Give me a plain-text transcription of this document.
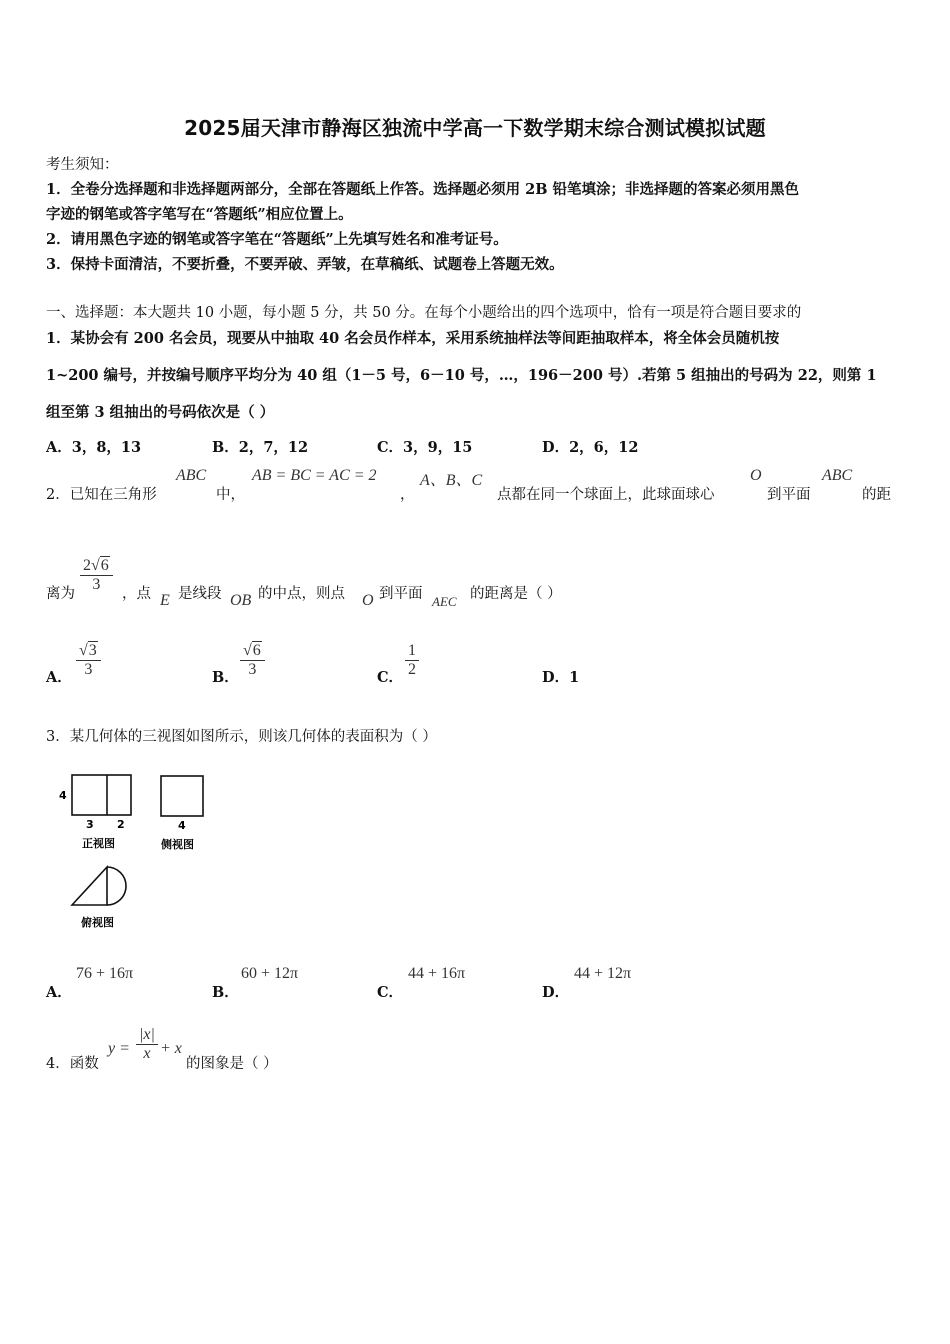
2025届天津市静海区独流中学高一下数学期末综合测试模拟试题
考生须知：
1．全卷分选择题和非选择题两部分，全部在答题纸上作答。选择题必须用 2B 铅笔填涂；非选择题的答案必须用黑色
字迹的钢笔或答字笔写在“答题纸”相应位置上。
2．请用黑色字迹的钢笔或答字笔在“答题纸”上先填写姓名和准考证号。
3．保持卡面清洁，不要折叠，不要弄破、弄皱，在草稿纸、试题卷上答题无效。
一、选择题：本大题共 10 小题，每小题 5 分，共 50 分。在每个小题给出的四个选项中，恰有一项是符合题目要求的
1．某协会有 200 名会员，现要从中抽取 40 名会员作样本，采用系统抽样法等间距抽取样本，将全体会员随机按
1~200 编号，并按编号顺序平均分为 40 组（1－5 号，6－10 号，…，196－200 号）.若第 5 组抽出的号码为 22，则第 1
组至第 3 组抽出的号码依次是（ ）
A．3，8，13	B．2，7，12	C．3，9，15	D．2，6，12
2．已知在三角形
ABC
中，
AB = BC = AC = 2
，
A、B、C
点都在同一个球面上，此球面球心
O
到平面
ABC
的距
离为
2√6
3
，点 E 是线段 OB 的中点，则点 O 到平面 AEC 的距离是（ ）
A．
√3
3	B．
√6
3	C．
1
2	D．1
3．某几何体的三视图如图所示，则该几何体的表面积为（ ）
4
3 2
正视图
4
侧视图
俯视图
A．
76 + 16π
B．
60 + 12π
C．
44 + 16π
D．
44 + 12π
4．函数
y =
|x|
x + x
的图象是（ ）
